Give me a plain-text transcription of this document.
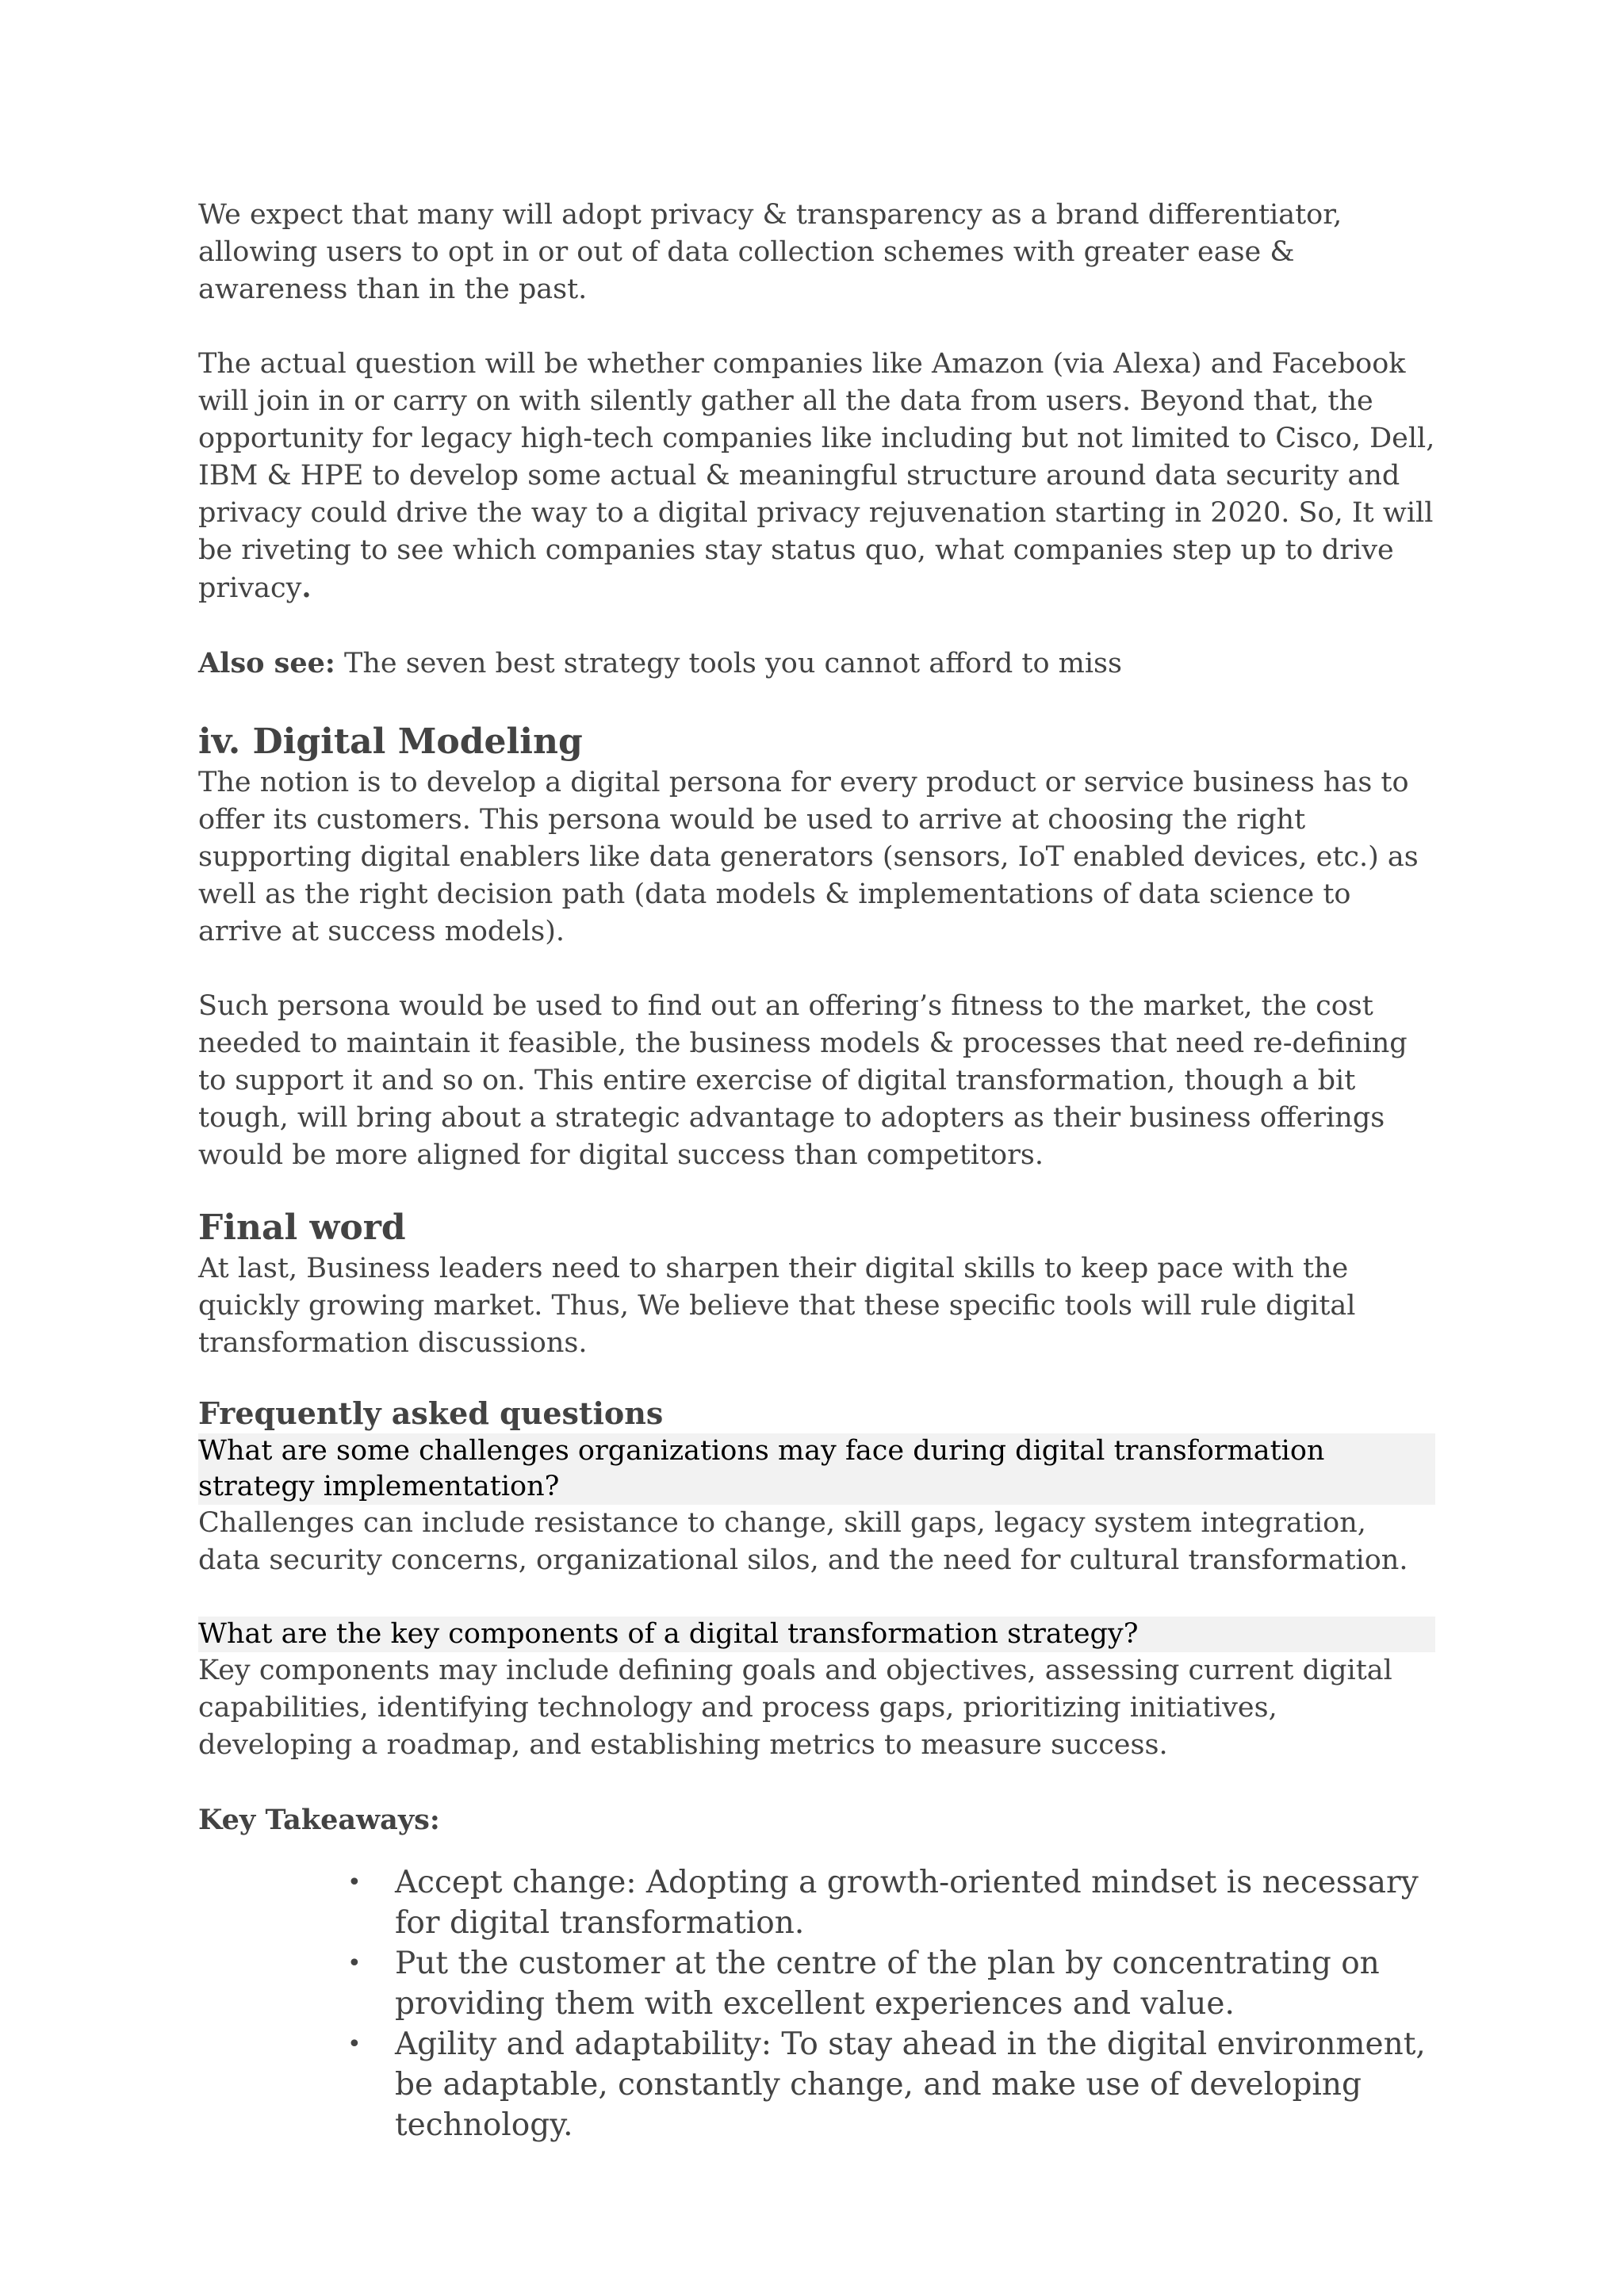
We expect that many will adopt privacy & transparency as a brand differentiator, allowing users to opt in or out of data collection schemes with greater ease & awareness than in the past.

The actual question will be whether companies like Amazon (via Alexa) and Facebook will join in or carry on with silently gather all the data from users. Beyond that, the opportunity for legacy high-tech companies like including but not limited to Cisco, Dell, IBM & HPE to develop some actual & meaningful structure around data security and privacy could drive the way to a digital privacy rejuvenation starting in 2020. So, It will be riveting to see which companies stay status quo, what companies step up to drive privacy.

Also see: The seven best strategy tools you cannot afford to miss

iv. Digital Modeling

The notion is to develop a digital persona for every product or service business has to offer its customers. This persona would be used to arrive at choosing the right supporting digital enablers like data generators (sensors, IoT enabled devices, etc.) as well as the right decision path (data models & implementations of data science to arrive at success models).

Such persona would be used to find out an offering’s fitness to the market, the cost needed to maintain it feasible, the business models & processes that need re-defining to support it and so on. This entire exercise of digital transformation, though a bit tough, will bring about a strategic advantage to adopters as their business offerings would be more aligned for digital success than competitors.

Final word

At last, Business leaders need to sharpen their digital skills to keep pace with the quickly growing market. Thus, We believe that these specific tools will rule digital transformation discussions.

Frequently asked questions
What are some challenges organizations may face during digital transformation strategy implementation?

Challenges can include resistance to change, skill gaps, legacy system integration, data security concerns, organizational silos, and the need for cultural transformation.

What are the key components of a digital transformation strategy?

Key components may include defining goals and objectives, assessing current digital capabilities, identifying technology and process gaps, prioritizing initiatives, developing a roadmap, and establishing metrics to measure success.

Key Takeaways:

• Accept change: Adopting a growth-oriented mindset is necessary for digital transformation.
• Put the customer at the centre of the plan by concentrating on providing them with excellent experiences and value.
• Agility and adaptability: To stay ahead in the digital environment, be adaptable, constantly change, and make use of developing technology.
